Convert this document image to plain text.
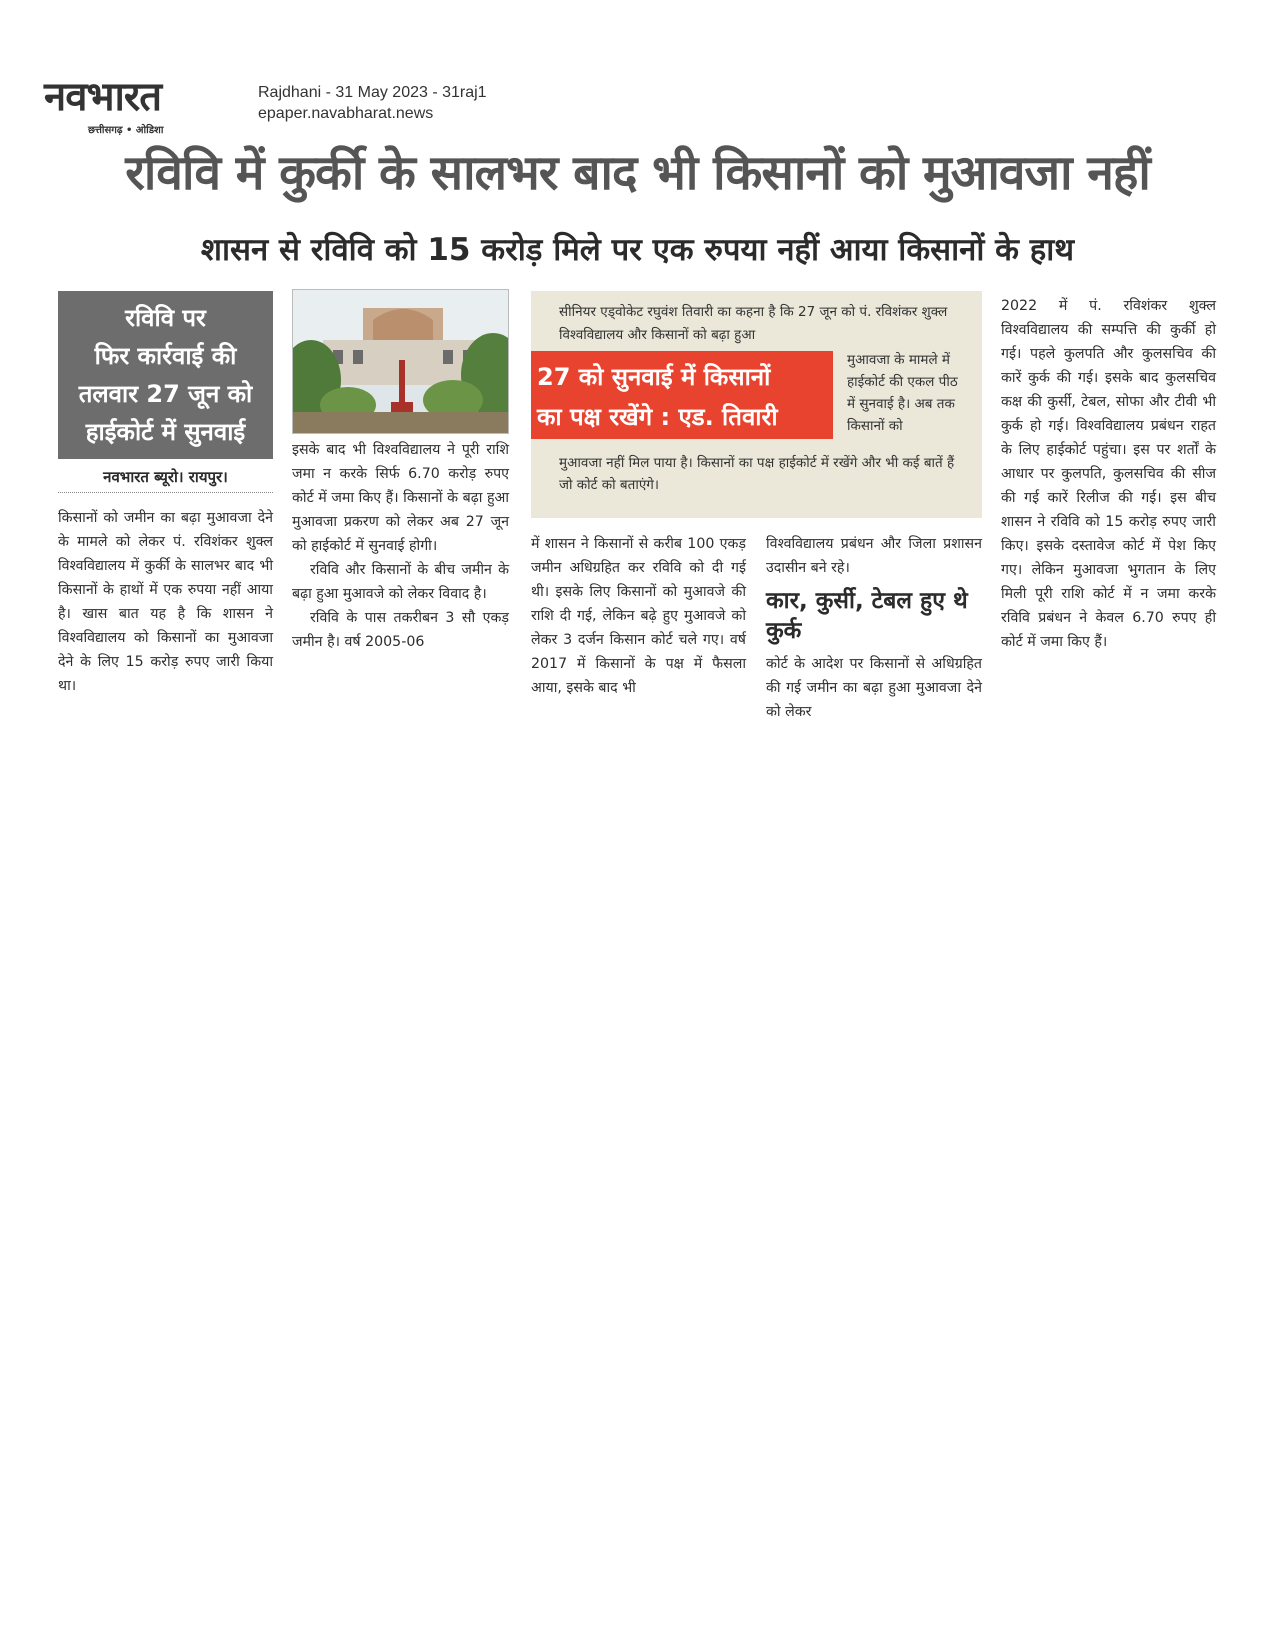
नवभारत
छत्तीसगढ़ • ओडिशा
Rajdhani - 31 May 2023 - 31raj1
epaper.navabharat.news
रविवि में कुर्की के सालभर बाद भी किसानों को मुआवजा नहीं
शासन से रविवि को 15 करोड़ मिले पर एक रुपया नहीं आया किसानों के हाथ
रविवि पर
फिर कार्रवाई की
तलवार 27 जून को
हाईकोर्ट में सुनवाई
नवभारत ब्यूरो। रायपुर।

किसानों को जमीन का बढ़ा मुआवजा देने के मामले को लेकर पं. रविशंकर शुक्ल विश्वविद्यालय में कुर्की के सालभर बाद भी किसानों के हाथों में एक रुपया नहीं आया है। खास बात यह है कि शासन ने विश्वविद्यालय को किसानों का मुआवजा देने के लिए 15 करोड़ रुपए जारी किया था।

इसके बाद भी विश्वविद्यालय ने पूरी राशि जमा न करके सिर्फ 6.70 करोड़ रुपए कोर्ट में जमा किए हैं। किसानों के बढ़ा हुआ मुआवजा प्रकरण को लेकर अब 27 जून को हाईकोर्ट में सुनवाई होगी।

रविवि और किसानों के बीच जमीन के बढ़ा हुआ मुआवजे को लेकर विवाद है।

रविवि के पास तकरीबन 3 सौ एकड़ जमीन है। वर्ष 2005-06

सीनियर एड्वोकेट रघुवंश तिवारी का कहना है कि 27 जून को पं. रविशंकर शुक्ल विश्वविद्यालय और किसानों को बढ़ा हुआ
27 को सुनवाई में किसानों
का पक्ष रखेंगे : एड. तिवारी
मुआवजा के मामले में हाईकोर्ट की एकल पीठ में सुनवाई है। अब तक किसानों को
मुआवजा नहीं मिल पाया है। किसानों का पक्ष हाईकोर्ट में रखेंगे और भी कई बातें हैं जो कोर्ट को बताएंगे।

में शासन ने किसानों से करीब 100 एकड़ जमीन अधिग्रहित कर रविवि को दी गई थी। इसके लिए किसानों को मुआवजे की राशि दी गई, लेकिन बढ़े हुए मुआवजे को लेकर 3 दर्जन किसान कोर्ट चले गए। वर्ष 2017 में किसानों के पक्ष में फैसला आया, इसके बाद भी

विश्वविद्यालय प्रबंधन और जिला प्रशासन उदासीन बने रहे।

कार, कुर्सी, टेबल हुए थे कुर्क

कोर्ट के आदेश पर किसानों से अधिग्रहित की गई जमीन का बढ़ा हुआ मुआवजा देने को लेकर

2022 में पं. रविशंकर शुक्ल विश्वविद्यालय की सम्पत्ति की कुर्की हो गई। पहले कुलपति और कुलसचिव की कारें कुर्क की गई। इसके बाद कुलसचिव कक्ष की कुर्सी, टेबल, सोफा और टीवी भी कुर्क हो गई। विश्वविद्यालय प्रबंधन राहत के लिए हाईकोर्ट पहुंचा। इस पर शर्तों के आधार पर कुलपति, कुलसचिव की सीज की गई कारें रिलीज की गई। इस बीच शासन ने रविवि को 15 करोड़ रुपए जारी किए। इसके दस्तावेज कोर्ट में पेश किए गए। लेकिन मुआवजा भुगतान के लिए मिली पूरी राशि कोर्ट में न जमा करके रविवि प्रबंधन ने केवल 6.70 रुपए ही कोर्ट में जमा किए हैं।
